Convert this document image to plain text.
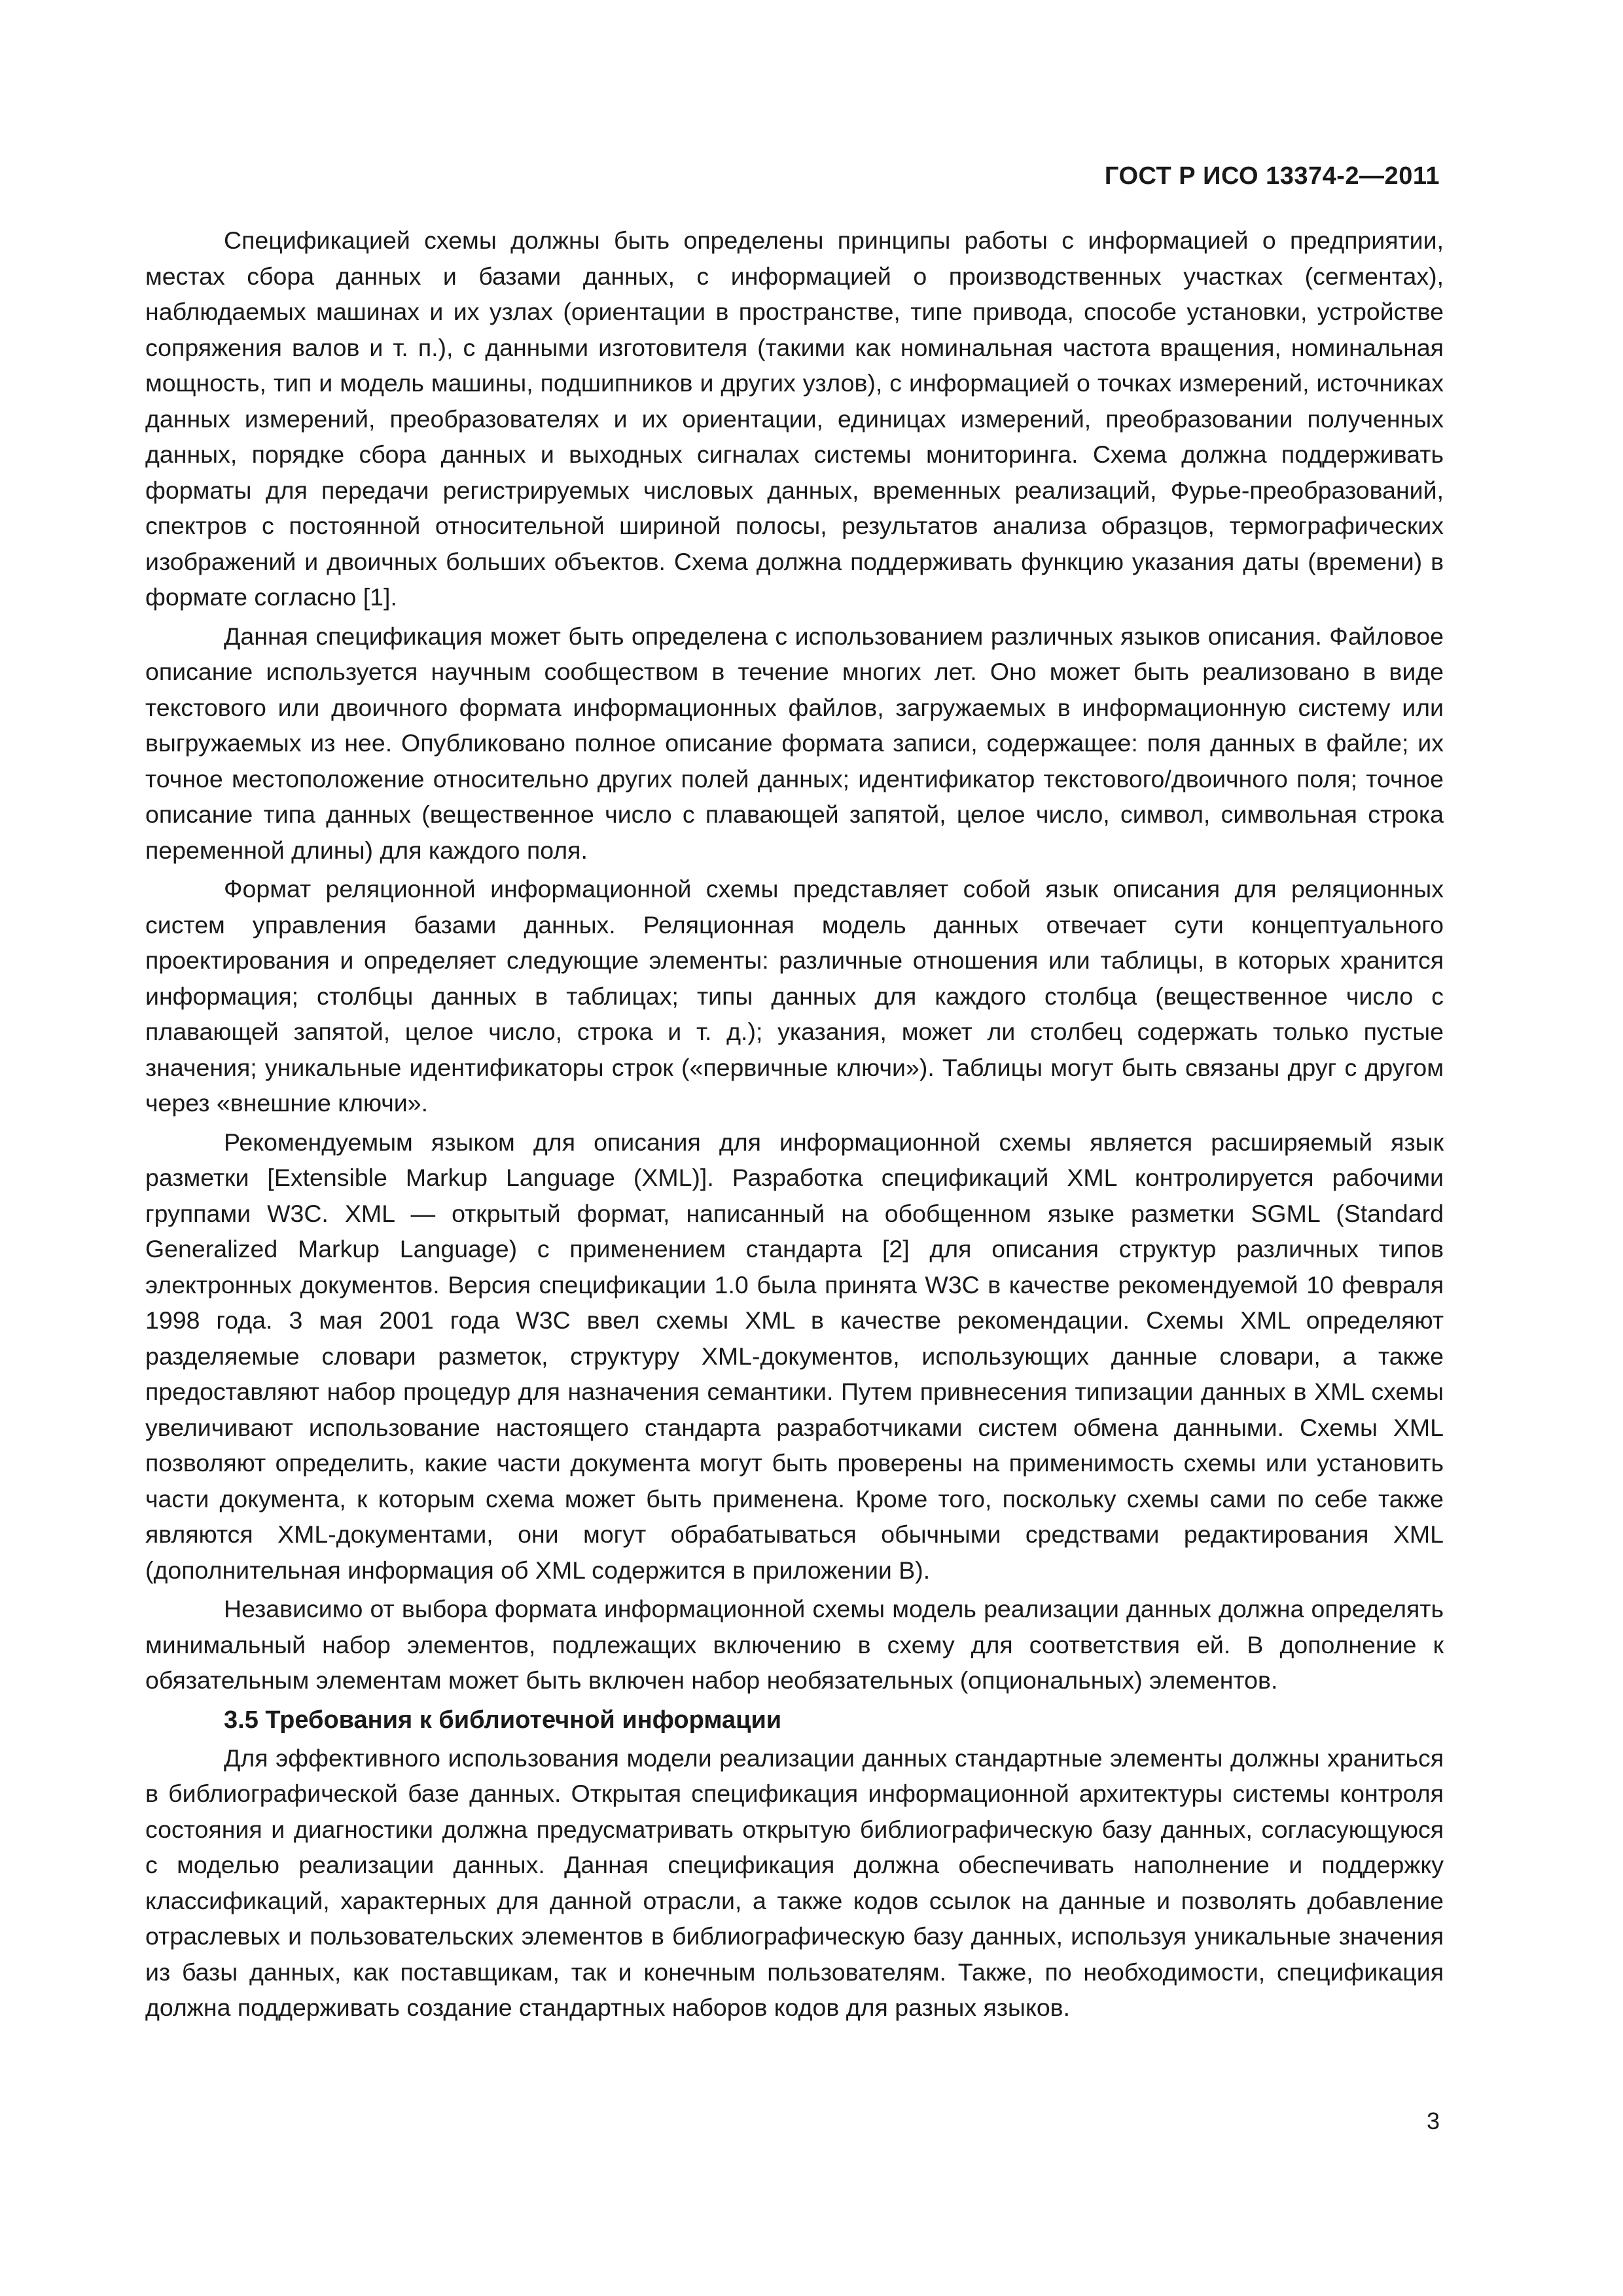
ГОСТ Р ИСО 13374-2—2011

Спецификацией схемы должны быть определены принципы работы с информацией о предприятии, местах сбора данных и базами данных, с информацией о производственных участках (сегментах), наблюдаемых машинах и их узлах (ориентации в пространстве, типе привода, способе установки, устройстве сопряжения валов и т. п.), с данными изготовителя (такими как номинальная частота вращения, номинальная мощность, тип и модель машины, подшипников и других узлов), с информацией о точках измерений, источниках данных измерений, преобразователях и их ориентации, единицах измерений, преобразовании полученных данных, порядке сбора данных и выходных сигналах системы мониторинга. Схема должна поддерживать форматы для передачи регистрируемых числовых данных, временных реализаций, Фурье-преобразований, спектров с постоянной относительной шириной полосы, результатов анализа образцов, термографических изображений и двоичных больших объектов. Схема должна поддерживать функцию указания даты (времени) в формате согласно [1].

Данная спецификация может быть определена с использованием различных языков описания. Файловое описание используется научным сообществом в течение многих лет. Оно может быть реализовано в виде текстового или двоичного формата информационных файлов, загружаемых в информационную систему или выгружаемых из нее. Опубликовано полное описание формата записи, содержащее: поля данных в файле; их точное местоположение относительно других полей данных; идентификатор текстового/двоичного поля; точное описание типа данных (вещественное число с плавающей запятой, целое число, символ, символьная строка переменной длины) для каждого поля.

Формат реляционной информационной схемы представляет собой язык описания для реляционных систем управления базами данных. Реляционная модель данных отвечает сути концептуального проектирования и определяет следующие элементы: различные отношения или таблицы, в которых хранится информация; столбцы данных в таблицах; типы данных для каждого столбца (вещественное число с плавающей запятой, целое число, строка и т. д.); указания, может ли столбец содержать только пустые значения; уникальные идентификаторы строк («первичные ключи»). Таблицы могут быть связаны друг с другом через «внешние ключи».

Рекомендуемым языком для описания для информационной схемы является расширяемый язык разметки [Extensible Markup Language (XML)]. Разработка спецификаций XML контролируется рабочими группами W3C. XML — открытый формат, написанный на обобщенном языке разметки SGML (Standard Generalized Markup Language) с применением стандарта [2] для описания структур различных типов электронных документов. Версия спецификации 1.0 была принята W3C в качестве рекомендуемой 10 февраля 1998 года. 3 мая 2001 года W3C ввел схемы XML в качестве рекомендации. Схемы XML определяют разделяемые словари разметок, структуру XML-документов, использующих данные словари, а также предоставляют набор процедур для назначения семантики. Путем привнесения типизации данных в XML схемы увеличивают использование настоящего стандарта разработчиками систем обмена данными. Схемы XML позволяют определить, какие части документа могут быть проверены на применимость схемы или установить части документа, к которым схема может быть применена. Кроме того, поскольку схемы сами по себе также являются XML-документами, они могут обрабатываться обычными средствами редактирования XML (дополнительная информация об XML содержится в приложении В).

Независимо от выбора формата информационной схемы модель реализации данных должна определять минимальный набор элементов, подлежащих включению в схему для соответствия ей. В дополнение к обязательным элементам может быть включен набор необязательных (опциональных) элементов.

3.5 Требования к библиотечной информации

Для эффективного использования модели реализации данных стандартные элементы должны храниться в библиографической базе данных. Открытая спецификация информационной архитектуры системы контроля состояния и диагностики должна предусматривать открытую библиографическую базу данных, согласующуюся с моделью реализации данных. Данная спецификация должна обеспечивать наполнение и поддержку классификаций, характерных для данной отрасли, а также кодов ссылок на данные и позволять добавление отраслевых и пользовательских элементов в библиографическую базу данных, используя уникальные значения из базы данных, как поставщикам, так и конечным пользователям. Также, по необходимости, спецификация должна поддерживать создание стандартных наборов кодов для разных языков.

3
